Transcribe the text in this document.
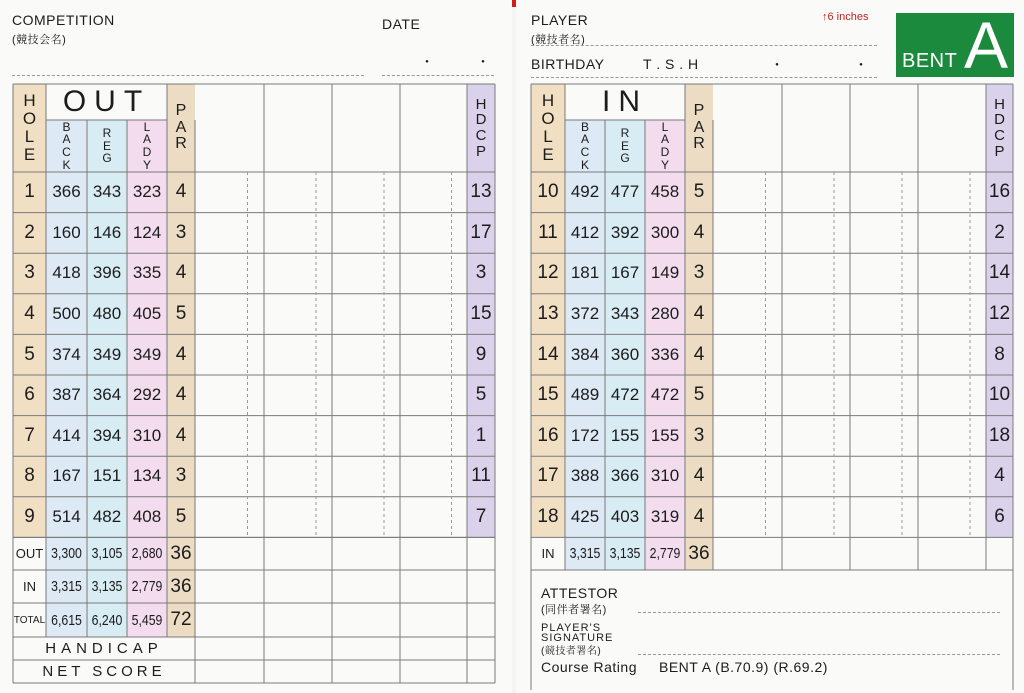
COMPETITION
(競技会名)
DATE
・　　　・
PLAYER
(競技者名)
BIRTHDAY	T . S . H	・　　　　　・
↑6 inches
BENT A
H
O
L
E
OUT
B
A
C
K
R
E
G
L
A
D
Y
P
A
R
H
D
C
P
1	366 343 323 4	13
2	160 146 124 3	17
3	418 396 335 4	3
4	500 480 405 5	15
5	374 349 349 4	9
6	387 364 292 4	5
7	414 394 310 4	1
8	167 151 134 3	11
9	514 482 408 5	7
OUT 3,300 3,105 2,680 36
IN	3,315 3,135 2,779 36
TOTAL 6,615 6,240 5,459 72
HANDICAP
NET SCORE
H
O
L
E
IN
B
A
C
K
R
E
G
L
A
D
Y
P
A
R
H
D
C
P
10 492 477 458 5	16
11 412 392 300 4	2
12 181 167 149 3	14
13 372 343 280 4	12
14 384 360 336 4	8
15 489 472 472 5	10
16 172 155 155 3	18
17 388 366 310 4	4
18 425 403 319 4	6
IN	3,315 3,135 2,779 36
ATTESTOR
(同伴者署名)
PLAYER'S
SIGNATURE
(競技者署名)
Course Rating BENT A (B.70.9) (R.69.2)
